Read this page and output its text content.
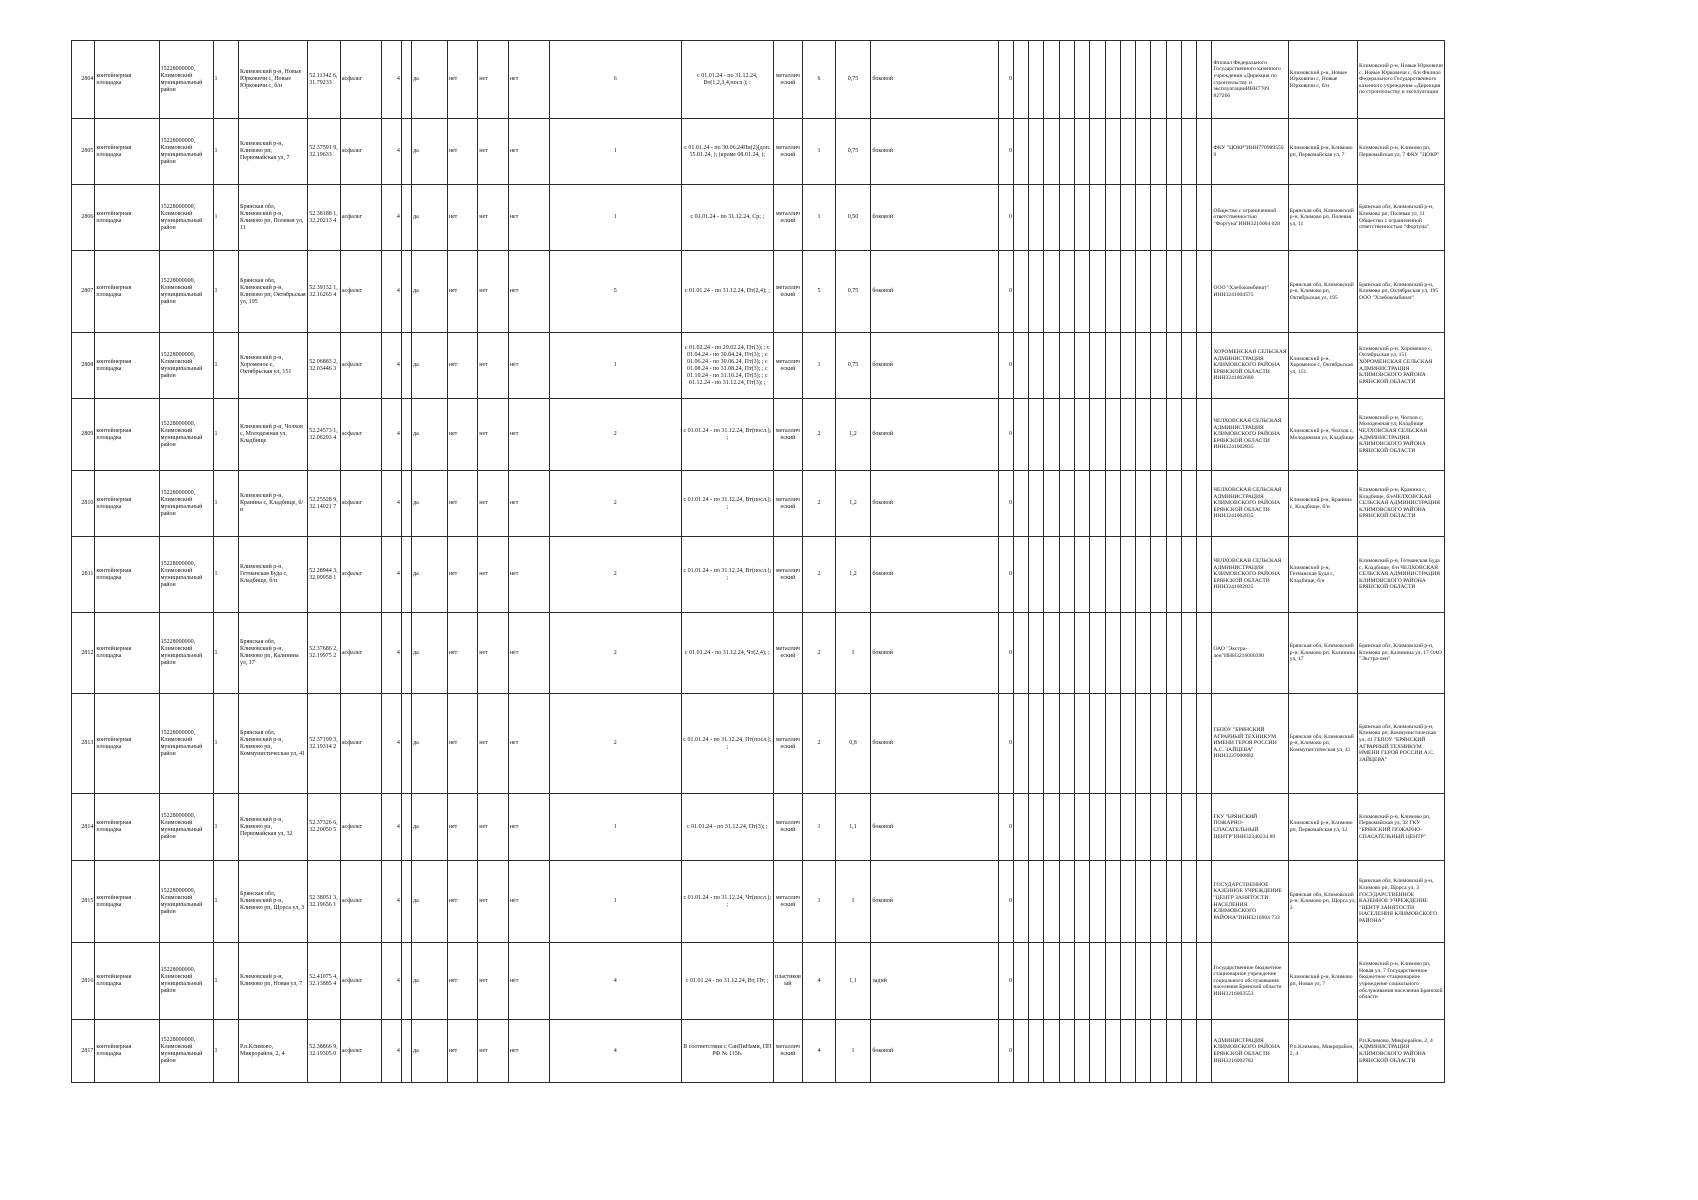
2804	контейнерная площадка	15228000000, Климовский муниципальный район	1	Климовский р-н, Новые Юрковичи с, Новые Юрковичи с, б/н	52.11342 6, 31.79233	асфальт	4		да	нет	нет	нет	6	с 01.01.24 - по 31.12.24, Вт(1,2,3,4,посл.); ;	металлический	6	0,75	боковой	0														Филиал Федерального Государственного казенного учреждения «Дирекция по строительству и эксплуатацииИНН7709 827266	Климовский р-н, Новые Юрковичи с, Новые Юрковичи с, б/н	Климовский р-н, Новые Юрковичи с, Новые Юрковичи с, б/н Филиал Федерального Государственного казенного учреждения «Дирекция по строительству и эксплуатации
2805	контейнерная площадка	15228000000, Климовский муниципальный район	1	Климовский р-н, Климово рп, Первомайская ул, 7	52.37591 9, 32.19633	асфальт	4		да	нет	нет	нет	1	с 01.01.24 - по 30.06.24Пн(2)(доп. 15.01.24, ); (кроме 08.01.24, );	металлический	1	0,75	боковой	0														ФКУ "ЦОКР"ИНН770989550 9	Климовский р-н, Климово рп, Первомайская ул, 7	Климовский р-н, Климово рп, Первомайская ул, 7 ФКУ "ЦОКР"
2806	контейнерная площадка	15228000000, Климовский муниципальный район	1	Брянская обл, Климовский р-н, Климово рп, Полевая ул, 11	52.38188 1, 32.20213 4	асфальт	4		да	нет	нет	нет	1	с 01.01.24 - по 31.12.24, Ср; ;	металлический	1	0,50	боковой	0														Общество с ограниченной ответственностью "Фортуна"ИНН3216004 028	Брянская обл, Климовский р-н, Климово рп, Полевая ул, 11	Брянская обл, Климовский р-н, Климово рп, Полевая ул, 11 Общество с ограниченной ответственностью "Фортуна"
2807	контейнерная площадка	15228000000, Климовский муниципальный район	1	Брянская обл, Климовский р-н, Климово рп, Октябрьская ул, 195	52.39152 1, 32.16265 4	асфальт	4		да	нет	нет	нет	5	с 01.01.24 - по 31.12.24, Пт(2,4); ;	металлический	5	0,75	боковой	0														ООО "Хлебокомбинат" ИНН3241004575	Брянская обл, Климовский р-н, Климово рп, Октябрьская ул, 195	Брянская обл, Климовский р-н, Климово рп, Октябрьская ул, 195 ООО "Хлебокомбинат"
2808	контейнерная площадка	15228000000, Климовский муниципальный район	1	Климовский р-н, Хороменое с, Октябрьская ул, 151	52.06883 2, 32.03446 3	асфальт	4		да	нет	нет	нет	1	с 01.02.24 - по 29.02.24, Пт(3); ; с 01.04.24 - по 30.04.24, Пт(3); ; с 01.06.24 - по 30.06.24, Пт(3); ; с 01.08.24 - по 31.08.24, Пт(3); ; с 01.10.24 - по 31.10.24, Пт(3); ; с 01.12.24 - по 31.12.24, Пт(3); ;	металлический	1	0,75	боковой	0														ХОРОМЕНСКАЯ СЕЛЬСКАЯ АДМИНИСТРАЦИЯ КЛИМОВСКОГО РАЙОНА БРЯНСКОЙ ОБЛАСТИ ИНН3241002680	Климовский р-н, Хороменое с, Октябрьская ул, 151	Климовский р-н, Хороменое с, Октябрьская ул, 151 ХОРОМЕНСКАЯ СЕЛЬСКАЯ АДМИНИСТРАЦИЯ КЛИМОВСКОГО РАЙОНА БРЯНСКОЙ ОБЛАСТИ
2809	контейнерная площадка	15228000000, Климовский муниципальный район	1	Климовский р-н, Чолхов с, Молодежная ул, Кладбище	52.24573 1, 32.06293 4	асфальт	4		да	нет	нет	нет	2	с 01.01.24 - по 31.12.24, Вт(посл.); ;	металлический	2	1,2	боковой	0														ЧЕЛХОВСКАЯ СЕЛЬСКАЯ АДМИНИСТРАЦИЯ КЛИМОВСКОГО РАЙОНА БРЯНСКОЙ ОБЛАСТИ ИНН3241002835	Климовский р-н, Чолхов с, Молодежная ул, Кладбище	Климовский р-н, Чолхов с, Молодежная ул, Кладбище ЧЕЛХОВСКАЯ СЕЛЬСКАЯ АДМИНИСТРАЦИЯ КЛИМОВСКОГО РАЙОНА БРЯНСКОЙ ОБЛАСТИ
2810	контейнерная площадка	15228000000, Климовский муниципальный район	1	Климовский р-н, Кранина с, Кладбище, б/н	52.25528 9, 32.14021 7	асфальт	4		да	нет	нет	нет	2	с 01.01.24 - по 31.12.24, Вт(посл.); ;	металлический	2	1,2	боковой	0														ЧЕЛХОВСКАЯ СЕЛЬСКАЯ АДМИНИСТРАЦИЯ КЛИМОВСКОГО РАЙОНА БРЯНСКОЙ ОБЛАСТИ ИНН3241002835	Климовский р-н, Кранина с, Кладбище, б/н	Климовский р-н, Кранина с, Кладбище, б/нЧЕЛХОВСКАЯ СЕЛЬСКАЯ АДМИНИСТРАЦИЯ КЛИМОВСКОГО РАЙОНА БРЯНСКОЙ ОБЛАСТИ
2811	контейнерная площадка	15228000000, Климовский муниципальный район	1	Климовский р-н, Гетманская Буда с, Кладбище, б/н	52.28944 3, 32.09958 1	асфальт	4		да	нет	нет	нет	2	с 01.01.24 - по 31.12.24, Вт(посл.); ;	металлический	2	1,2	боковой	0														ЧЕЛХОВСКАЯ СЕЛЬСКАЯ АДМИНИСТРАЦИЯ КЛИМОВСКОГО РАЙОНА БРЯНСКОЙ ОБЛАСТИ ИНН3241002835	Климовский р-н, Гетманская Буда с, Кладбище, б/н	Климовский р-н, Гетманская Буда с, Кладбище, б/н ЧЕЛХОВСКАЯ СЕЛЬСКАЯ АДМИНИСТРАЦИЯ КЛИМОВСКОГО РАЙОНА БРЯНСКОЙ ОБЛАСТИ
2812	контейнерная площадка	15228000000, Климовский муниципальный район	1	Брянская обл, Климовский р-н, Климово рп, Калинина ул, 17	52.37686 2, 32.19975 2	асфальт	4		да	нет	нет	нет	2	с 01.01.24 - по 31.12.24, Чт(2,4); ;	металлический	2	1	боковой	0														ОАО "Экстра-лен"ИНН3216000390	Брянская обл, Климовский р-н, Климово рп, Калинина ул, 17	Брянская обл, Климовский р-н, Климово рп, Калинина ул, 17 ОАО "Экстра-лен"
2813	контейнерная площадка	15228000000, Климовский муниципальный район	1	Брянская обл, Климовский р-н, Климово рп, Коммунистическая ул, 41	52.37199 3, 32.19314 2	асфальт	4		да	нет	нет	нет	2	с 01.01.24 - по 31.12.24, Пт(посл.); ;	металлический	2	0,8	боковой	0														ГБПОУ "БРЯНСКИЙ АГРАРНЫЙ ТЕХНИКУМ ИМЕНИ ГЕРОЯ РОССИИ А.С. ЗАЙЦЕВА" ИНН3227000882	Брянская обл, Климовский р-н, Климово рп, Коммунистическая ул, 41	Брянская обл, Климовский р-н, Климово рп, Коммунистическая ул, 41 ГБПОУ "БРЯНСКИЙ АГРАРНЫЙ ТЕХНИКУМ ИМЕНИ ГЕРОЯ РОССИИ А.С. ЗАЙЦЕВА"
2814	контейнерная площадка	15228000000, Климовский муниципальный район	1	Климовский р-н, Климово рп, Первомайская ул, 32	52.37326 6, 32.20050 5	асфальт	4		да	нет	нет	нет	1	с 01.01.24 - по 31.12.24, Пт(3); ;	металлический	1	1,1	боковой	0														ГКУ "БРЯНСКИЙ ПОЖАРНО-СПАСАТЕЛЬНЫЙ ЦЕНТР"ИНН32340234 89	Климовский р-н, Климово рп, Первомайская ул, 32	Климовский р-н, Климово рп, Первомайская ул, 32 ГКУ "БРЯНСКИЙ ПОЖАРНО-СПАСАТЕЛЬНЫЙ ЦЕНТР"
2815	контейнерная площадка	15228000000, Климовский муниципальный район	1	Брянская обл, Климовский р-н, Климово рп, Щорса ул, 3	52.38051 3, 32.19656 1	асфальт	4		да	нет	нет	нет	1	с 01.01.24 - по 31.12.24, Чт(посл.); ;	металлический	1	1	боковой	0														ГОСУДАРСТВЕННОЕ КАЗЕННОЕ УЧРЕЖДЕНИЕ "ЦЕНТР ЗАНЯТОСТИ НАСЕЛЕНИЯ КЛИМОВСКОГО РАЙОНА"ИНН3216004 733	Брянская обл, Климовский р-н, Климово рп, Щорса ул, 3	Брянская обл, Климовский р-н, Климово рп, Щорса ул, 3 ГОСУДАРСТВЕННОЕ КАЗЕННОЕ УЧРЕЖДЕНИЕ "ЦЕНТР ЗАНЯТОСТИ НАСЕЛЕНИЯ КЛИМОВСКОГО РАЙОНА"
2816	контейнерная площадка	15228000000, Климовский муниципальный район	1	Климовский р-н, Климово рп, Новая ул, 7	52.41075 4, 32.13885 4	асфальт	4		да	нет	нет	нет	4	с 01.01.24 - по 31.12.24, Вт, Пт; ;	пластиковый	4	1,1	заднй	0														Государственное бюджетное стационарное учреждение социального обслуживания населения Брянской области ИНН3216003553	Климовский р-н, Климово рп, Новая ул, 7	Климовский р-н, Климово рп, Новая ул, 7 Государственное бюджетное стационарное учреждение социального обслуживания населения Брянской области
2817	контейнерная площадка	15228000000, Климовский муниципальный район	1	Р.п.Климово, Микрорайон, 2, 4	52.38866 9, 32.19305 0	асфальт	4		да	нет	нет	нет	4	В соответствии с СанПиНами, ПП РФ № 1156.	металлический	4	1	боковой	0														АДМИНИСТРАЦИЯ КЛИМОВСКОГО РАЙОНА БРЯНСКОЙ ОБЛАСТИ ИНН3216002782	Р.п.Климово, Микрорайон, 2, 4	Р.п.Климово, Микрорайон, 2, 4 АДМИНИСТРАЦИЯ КЛИМОВСКОГО РАЙОНА БРЯНСКОЙ ОБЛАСТИ
